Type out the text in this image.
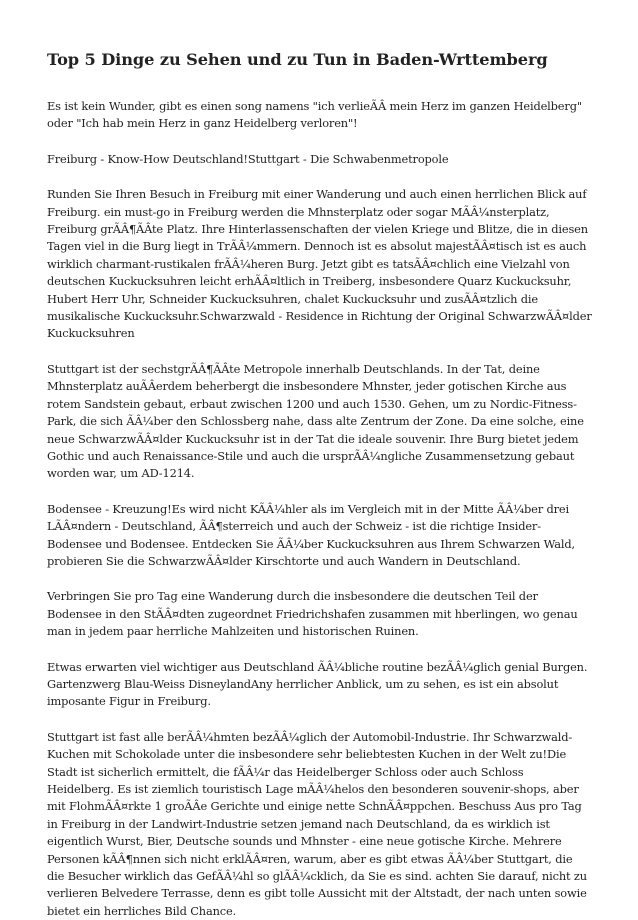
Top 5 Dinge zu Sehen und zu Tun in Baden-Wrttemberg

Es ist kein Wunder, gibt es einen song namens "ich verlieÃÂ mein Herz im ganzen Heidelberg" oder "Ich hab mein Herz in ganz Heidelberg verloren"!

Freiburg - Know-How Deutschland!Stuttgart - Die Schwabenmetropole

Runden Sie Ihren Besuch in Freiburg mit einer Wanderung und auch einen herrlichen Blick auf Freiburg. ein must-go in Freiburg werden die Mhnsterplatz oder sogar MÃÂ¼nsterplatz, Freiburg grÃÂ¶ÃÂte Platz. Ihre Hinterlassenschaften der vielen Kriege und Blitze, die in diesen Tagen viel in die Burg liegt in TrÃÂ¼mmern. Dennoch ist es absolut majestÃÂ¤tisch ist es auch wirklich charmant-rustikalen frÃÂ¼heren Burg. Jetzt gibt es tatsÃÂ¤chlich eine Vielzahl von deutschen Kuckucksuhren leicht erhÃÂ¤ltlich in Treiberg, insbesondere Quarz Kuckucksuhr, Hubert Herr Uhr, Schneider Kuckucksuhren, chalet Kuckucksuhr und zusÃÂ¤tzlich die musikalische Kuckucksuhr.Schwarzwald - Residence in Richtung der Original SchwarzwÃÂ¤lder Kuckucksuhren

Stuttgart ist der sechstgrÃÂ¶ÃÂte Metropole innerhalb Deutschlands. In der Tat, deine Mhnsterplatz auÃÂerdem beherbergt die insbesondere Mhnster, jeder gotischen Kirche aus rotem Sandstein gebaut, erbaut zwischen 1200 und auch 1530. Gehen, um zu Nordic-Fitness-Park, die sich ÃÂ¼ber den Schlossberg nahe, dass alte Zentrum der Zone. Da eine solche, eine neue SchwarzwÃÂ¤lder Kuckucksuhr ist in der Tat die ideale souvenir. Ihre Burg bietet jedem Gothic und auch Renaissance-Stile und auch die ursprÃÂ¼ngliche Zusammensetzung gebaut worden war, um AD-1214.

Bodensee - Kreuzung!Es wird nicht KÃÂ¼hler als im Vergleich mit in der Mitte ÃÂ¼ber drei LÃÂ¤ndern - Deutschland, ÃÂ¶sterreich und auch der Schweiz - ist die richtige Insider-Bodensee und Bodensee. Entdecken Sie ÃÂ¼ber Kuckucksuhren aus Ihrem Schwarzen Wald, probieren Sie die SchwarzwÃÂ¤lder Kirschtorte und auch Wandern in Deutschland.

Verbringen Sie pro Tag eine Wanderung durch die insbesondere die deutschen Teil der Bodensee in den StÃÂ¤dten zugeordnet Friedrichshafen zusammen mit hberlingen, wo genau man in jedem paar herrliche Mahlzeiten und historischen Ruinen.

Etwas erwarten viel wichtiger aus Deutschland ÃÂ¼bliche routine bezÃÂ¼glich genial Burgen. Gartenzwerg Blau-Weiss DisneylandAny herrlicher Anblick, um zu sehen, es ist ein absolut imposante Figur in Freiburg.

Stuttgart ist fast alle berÃÂ¼hmten bezÃÂ¼glich der Automobil-Industrie. Ihr Schwarzwald-Kuchen mit Schokolade unter die insbesondere sehr beliebtesten Kuchen in der Welt zu!Die Stadt ist sicherlich ermittelt, die fÃÂ¼r das Heidelberger Schloss oder auch Schloss Heidelberg. Es ist ziemlich touristisch Lage mÃÂ¼helos den besonderen souvenir-shops, aber mit FlohmÃÂ¤rkte 1 groÃÂe Gerichte und einige nette SchnÃÂ¤ppchen. Beschuss Aus pro Tag in Freiburg in der Landwirt-Industrie setzen jemand nach Deutschland, da es wirklich ist eigentlich Wurst, Bier, Deutsche sounds und Mhnster - eine neue gotische Kirche. Mehrere Personen kÃÂ¶nnen sich nicht erklÃÂ¤ren, warum, aber es gibt etwas ÃÂ¼ber Stuttgart, die die Besucher wirklich das GefÃÂ¼hl so glÃÂ¼cklich, da Sie es sind. achten Sie darauf, nicht zu verlieren Belvedere Terrasse, denn es gibt tolle Aussicht mit der Altstadt, der nach unten sowie bietet ein herrliches Bild Chance.
